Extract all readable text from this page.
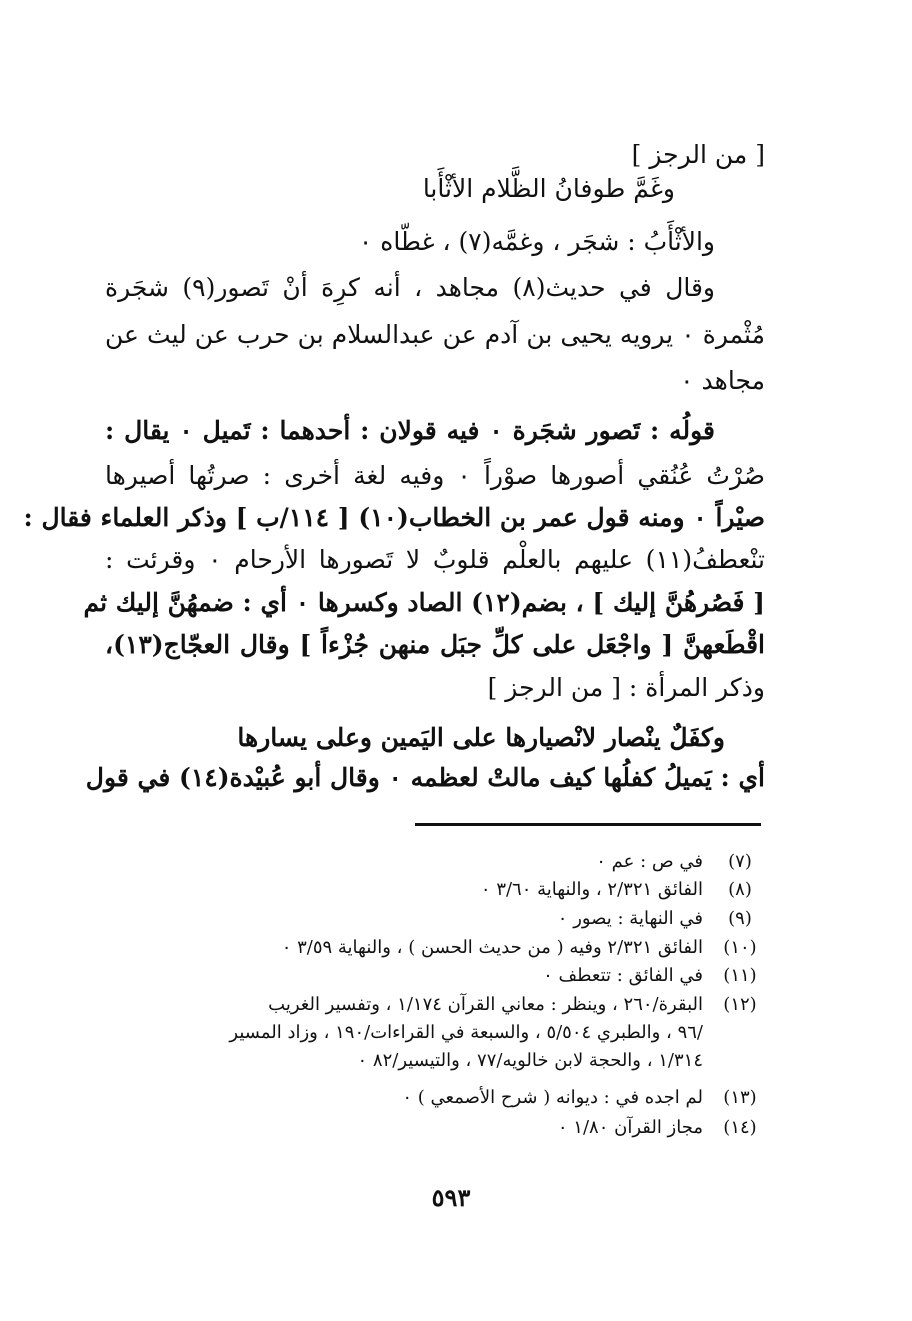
[ من الرجز ]
وغَمَّ طوفانُ الظَّلام الأثْأَبا
والأثْأَبُ : شجَر ، وغمَّه(٧) ، غطّاه ٠
وقال في حديث(٨) مجاهد ، أنه كرِهَ أنْ تَصور(٩) شجَرة
مُثْمرة ٠ يرويه يحيى بن آدم عن عبدالسلام بن حرب عن ليث عن
مجاهد ٠
قولُه : تَصور شجَرة ٠ فيه قولان : أحدهما : تَميل ٠ يقال :
صُرْتُ عُنُقي أصورها صوْراً ٠ وفيه لغة أخرى : صرتُها أصيرها
صيْراً ٠ ومنه قول عمر بن الخطاب(١٠) [ ١١٤/ب ] وذكر العلماء فقال :
تنْعطفُ(١١) عليهم بالعلْم قلوبٌ لا تَصورها الأرحام ٠ وقرئت :
[ فَصُرهُنَّ إليك ] ، بضم(١٢) الصاد وكسرها ٠ أي : ضمهُنَّ إليك ثم
اقْطَعهنَّ [ واجْعَل على كلِّ جبَل منهن جُزْءاً ] وقال العجّاج(١٣)،
وذكر المرأة : [ من الرجز ]
وكفَلٌ ينْصار لانْصيارها على اليَمين وعلى يسارها
أي : يَميلُ كفلُها كيف مالتْ لعظمه ٠ وقال أبو عُبيْدة(١٤) في قول
(٧)
في ص : عم ٠
(٨)
الفائق ٢/٣٢١ ، والنهاية ٣/٦٠ ٠
(٩)
في النهاية : يصور ٠
(١٠)
الفائق ٢/٣٢١ وفيه ( من حديث الحسن ) ، والنهاية ٣/٥٩ ٠
(١١)
في الفائق : تتعطف ٠
(١٢)
البقرة/٢٦٠ ، وينظر : معاني القرآن ١/١٧٤ ، وتفسير الغريب
/٩٦ ، والطبري ٥/٥٠٤ ، والسبعة في القراءات/١٩٠ ، وزاد المسير
١/٣١٤ ، والحجة لابن خالويه/٧٧ ، والتيسير/٨٢ ٠
(١٣)
لم اجده في : ديوانه ( شرح الأصمعي ) ٠
(١٤)
مجاز القرآن ١/٨٠ ٠
٥٩٣
